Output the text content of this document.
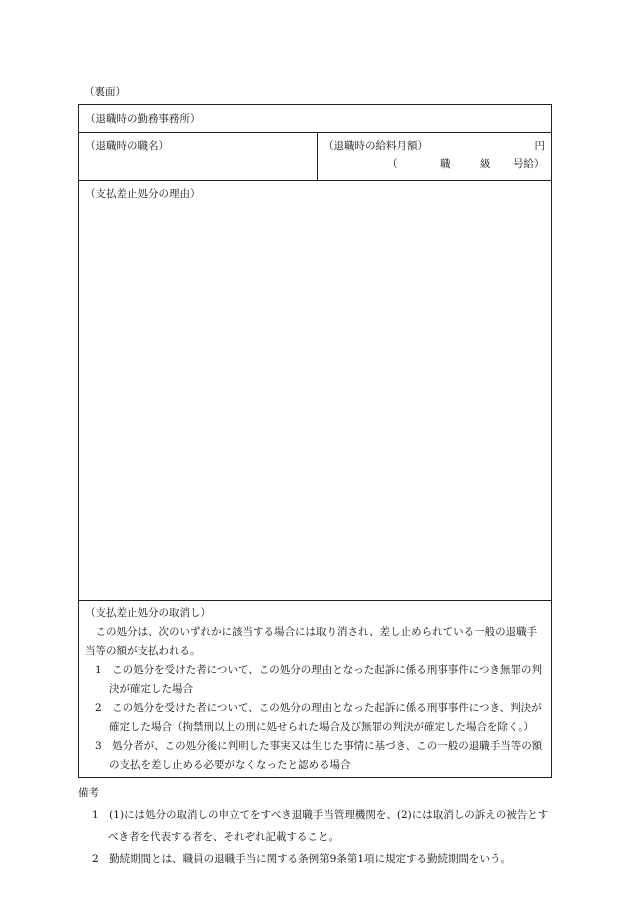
（裏面）
（退職時の勤務事務所）
（退職時の職名）	（退職時の給料月額）	円
（	職	級 号給）
（支払差止処分の理由）

（支払差止処分の取消し）

この処分は、次のいずれかに該当する場合には取り消され、差し止められている一般の退職手当等の額が支払われる。

1　この処分を受けた者について、この処分の理由となった起訴に係る刑事事件につき無罪の判決が確定した場合

2　この処分を受けた者について、この処分の理由となった起訴に係る刑事事件につき、判決が確定した場合（拘禁刑以上の刑に処せられた場合及び無罪の判決が確定した場合を除く。）

3　処分者が、この処分後に判明した事実又は生じた事情に基づき、この一般の退職手当等の額の支払を差し止める必要がなくなったと認める場合

備考

1　(1)には処分の取消しの申立てをすべき退職手当管理機関を、(2)には取消しの訴えの被告とすべき者を代表する者を、それぞれ記載すること。

2　勤続期間とは、職員の退職手当に関する条例第9条第1項に規定する勤続期間をいう。
